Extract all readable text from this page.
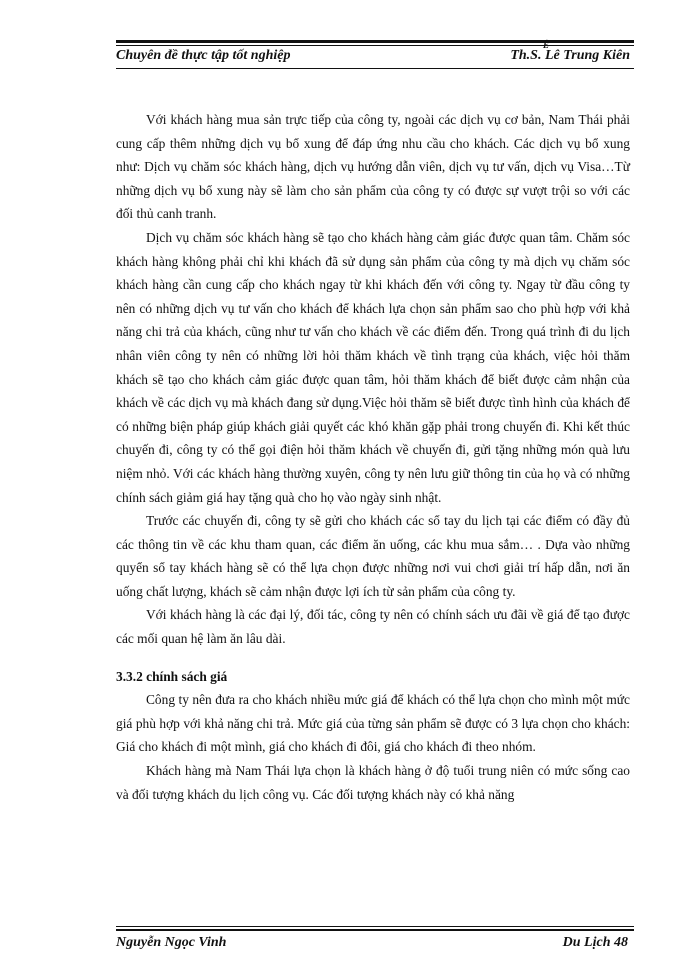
Chuyên đề thực tập tốt nghiệp
Ê
Th.S. Lê Trung Kiên

Với khách hàng mua sản trực tiếp của công ty, ngoài các dịch vụ cơ bản, Nam Thái phải cung cấp thêm những dịch vụ bổ xung để đáp ứng nhu cầu cho khách. Các dịch vụ bổ xung như: Dịch vụ chăm sóc khách hàng, dịch vụ hướng dẫn viên, dịch vụ tư vấn, dịch vụ Visa…Từ những dịch vụ bổ xung này sẽ làm cho sản phẩm của công ty có được sự vượt trội so với các đối thủ canh tranh.

Dịch vụ chăm sóc khách hàng sẽ tạo cho khách hàng cảm giác được quan tâm. Chăm sóc khách hàng không phải chỉ khi khách đã sử dụng sản phẩm của công ty mà dịch vụ chăm sóc khách hàng cần cung cấp cho khách ngay từ khi khách đến với công ty. Ngay từ đầu công ty nên có những dịch vụ tư vấn cho khách để khách lựa chọn sản phẩm sao cho phù hợp với khả năng chi trả của khách, cũng như tư vấn cho khách về các điểm đến. Trong quá trình đi du lịch nhân viên công ty nên có những lời hỏi thăm khách về tình trạng của khách, việc hỏi thăm khách sẽ tạo cho khách cảm giác được quan tâm, hỏi thăm khách để biết được cảm nhận của khách về các dịch vụ mà khách đang sử dụng.Việc hỏi thăm sẽ biết được tình hình của khách để có những biện pháp giúp khách giải quyết các khó khăn gặp phải trong chuyến đi. Khi kết thúc chuyến đi, công ty có thể gọi điện hỏi thăm khách về chuyến đi, gửi tặng những món quà lưu niệm nhỏ. Với các khách hàng thường xuyên, công ty nên lưu giữ thông tin của họ và có những chính sách giảm giá hay tặng quà cho họ vào ngày sinh nhật.

Trước các chuyến đi, công ty sẽ gửi cho khách các sổ tay du lịch tại các điểm có đầy đủ các thông tin về các khu tham quan, các điểm ăn uống, các khu mua sắm… . Dựa vào những quyển sổ tay khách hàng sẽ có thể lựa chọn được những nơi vui chơi giải trí hấp dẫn, nơi ăn uống chất lượng, khách sẽ cảm nhận được lợi ích từ sản phẩm của công ty.

Với khách hàng là các đại lý, đối tác, công ty nên có chính sách ưu đãi về giá để tạo được các mối quan hệ làm ăn lâu dài.

3.3.2 chính sách giá

Công ty nên đưa ra cho khách nhiều mức giá để khách có thể lựa chọn cho mình một mức giá phù hợp với khả năng chi trả. Mức giá của từng sản phẩm sẽ được có 3 lựa chọn cho khách: Giá cho khách đi một mình, giá cho khách đi đôi, giá cho khách đi theo nhóm.

Khách hàng mà Nam Thái lựa chọn là khách hàng ở độ tuổi trung niên có mức sống cao và đối tượng khách du lịch công vụ. Các đối tượng khách này có khả năng

Nguyễn Ngọc Vinh	Du Lịch 48
